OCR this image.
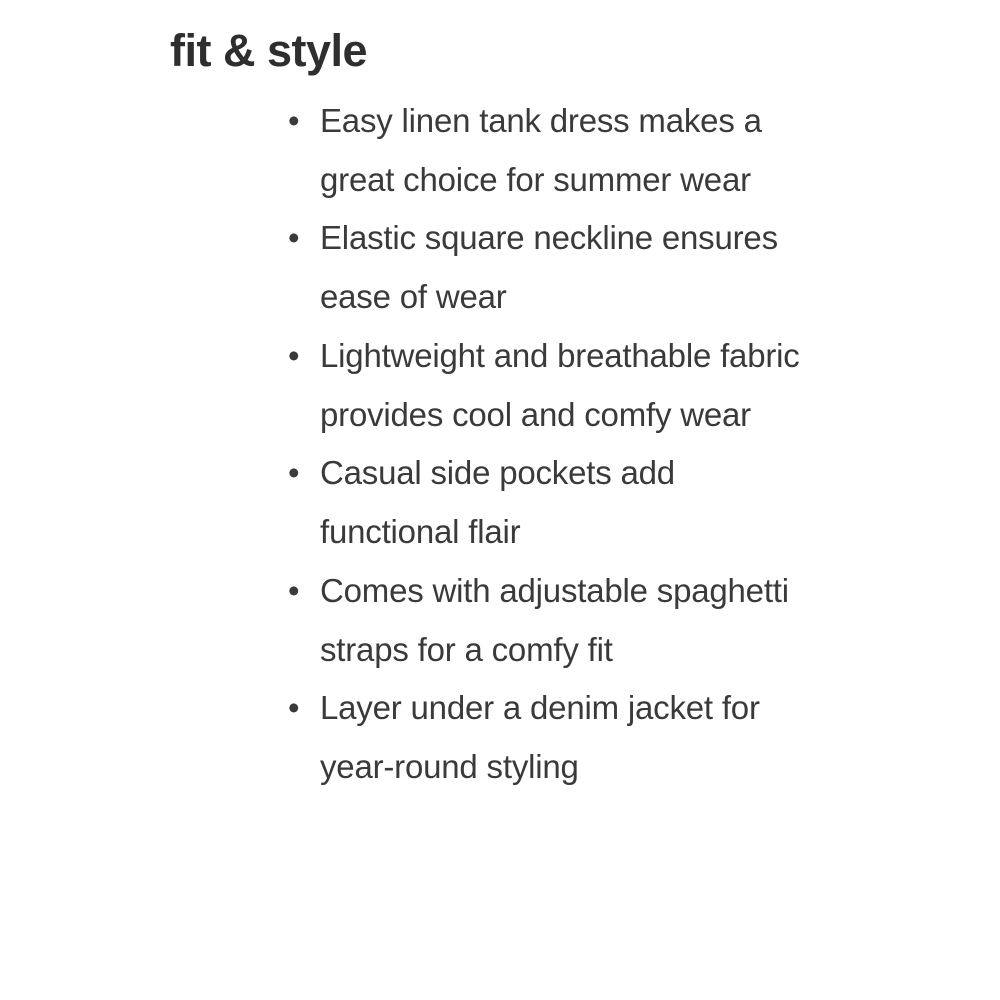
fit & style
• Easy linen tank dress makes a great choice for summer wear
• Elastic square neckline ensures ease of wear
• Lightweight and breathable fabric provides cool and comfy wear
• Casual side pockets add functional flair
• Comes with adjustable spaghetti straps for a comfy fit
• Layer under a denim jacket for year-round styling
